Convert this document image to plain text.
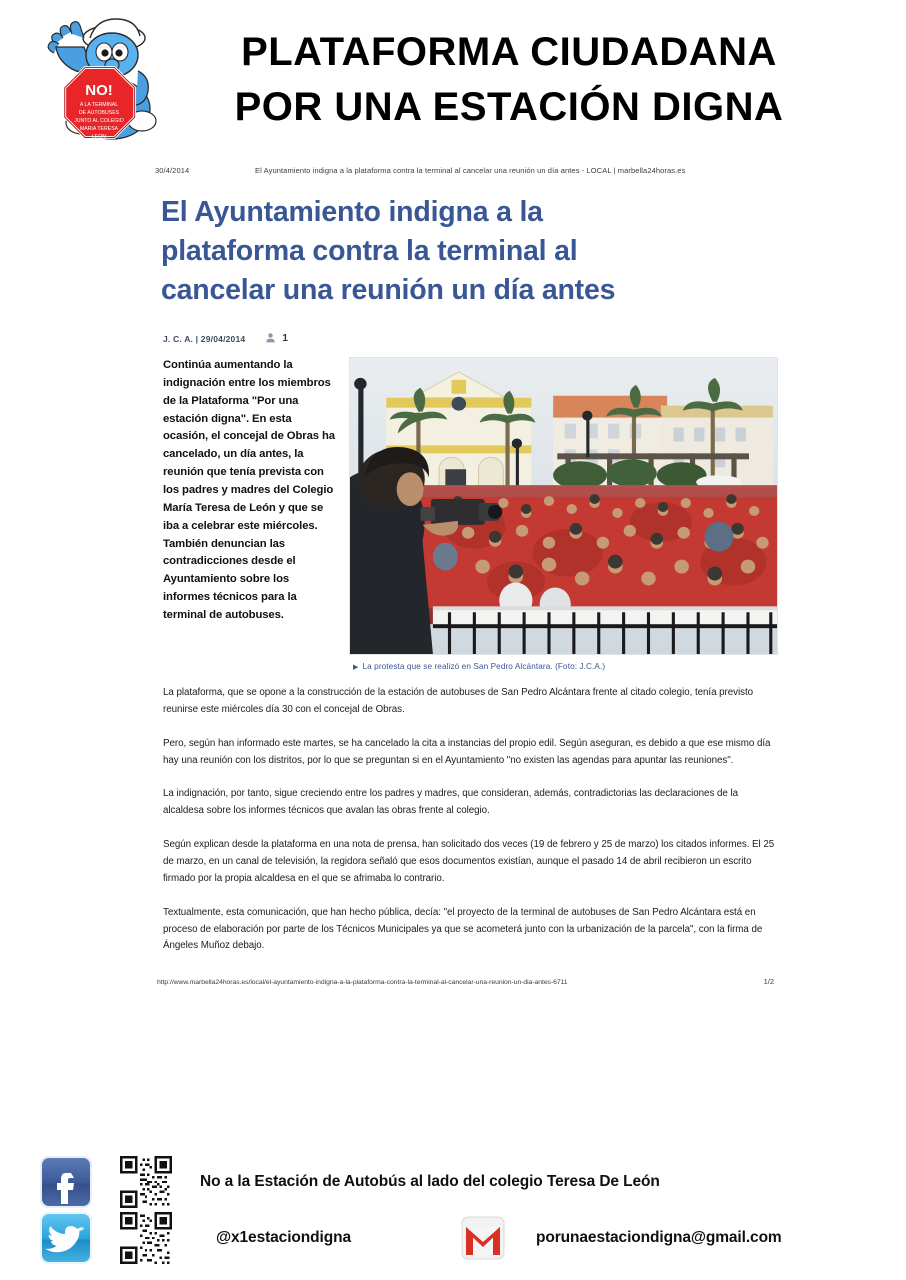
NO!
A LA TERMINAL
DE AUTOBUSES
JUNTO AL COLEGIO
MARIA TERESA
LEON
PLATAFORMA CIUDADANA
POR UNA ESTACIÓN DIGNA
30/4/2014	El Ayuntamiento indigna a la plataforma contra la terminal al cancelar una reunión un día antes - LOCAL | marbella24horas.es
El Ayuntamiento indigna a la plataforma contra la terminal al cancelar una reunión un día antes
J. C. A. | 29/04/2014	1
Continúa aumentando la indignación entre los miembros de la Plataforma "Por una estación digna". En esta ocasión, el concejal de Obras ha cancelado, un día antes, la reunión que tenía prevista con los padres y madres del Colegio María Teresa de León y que se iba a celebrar este miércoles. También denuncian las contradicciones desde el Ayuntamiento sobre los informes técnicos para la terminal de autobuses.
▶ La protesta que se realizó en San Pedro Alcántara. (Foto: J.C.A.)

La plataforma, que se opone a la construcción de la estación de autobuses de San Pedro Alcántara frente al citado colegio, tenía previsto reunirse este miércoles día 30 con el concejal de Obras.

Pero, según han informado este martes, se ha cancelado la cita a instancias del propio edil. Según aseguran, es debido a que ese mismo día hay una reunión con los distritos, por lo que se preguntan si en el Ayuntamiento "no existen las agendas para apuntar las reuniones".

La indignación, por tanto, sigue creciendo entre los padres y madres, que consideran, además, contradictorias las declaraciones de la alcaldesa sobre los informes técnicos que avalan las obras frente al colegio.

Según explican desde la plataforma en una nota de prensa, han solicitado dos veces (19 de febrero y 25 de marzo) los citados informes. El 25 de marzo, en un canal de televisión, la regidora señaló que esos documentos existían, aunque el pasado 14 de abril recibieron un escrito firmado por la propia alcaldesa en el que se afrimaba lo contrario.

Textualmente, esta comunicación, que han hecho pública, decía: "el proyecto de la terminal de autobuses de San Pedro Alcántara está en proceso de elaboración por parte de los Técnicos Municipales ya que se acometerá junto con la urbanización de la parcela", con la firma de Ángeles Muñoz debajo.

http://www.marbella24horas.es/local/el-ayuntamiento-indigna-a-la-plataforma-contra-la-terminal-al-cancelar-una-reunion-un-dia-antes-6711	1/2
No a la Estación de Autobús al lado del colegio Teresa De León
@x1estaciondigna	porunaestaciondigna@gmail.com
